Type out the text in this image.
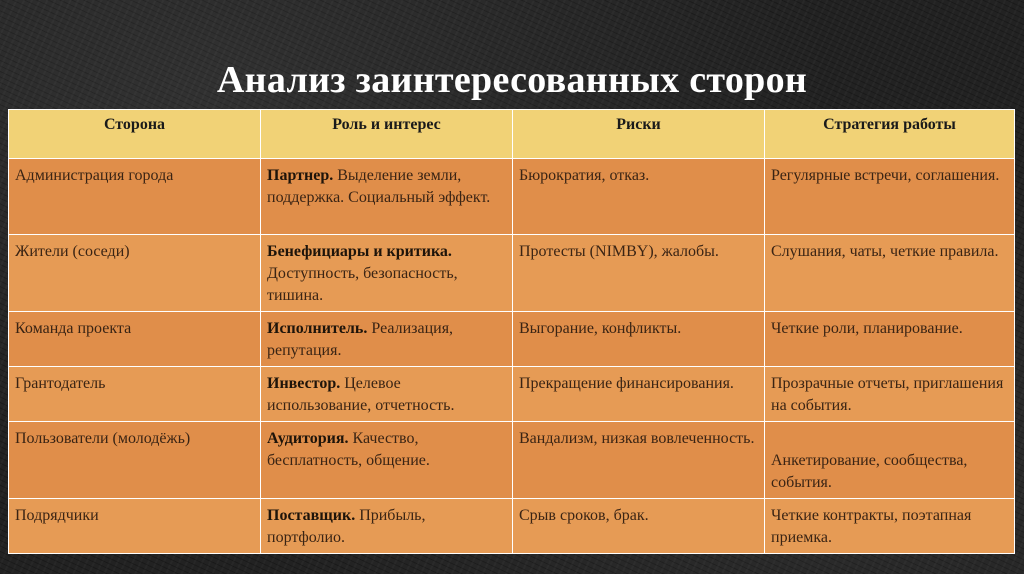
Анализ заинтересованных сторон
Сторона	Роль и интерес	Риски	Стратегия работы
Администрация города	Партнер. Выделение земли, поддержка. Социальный эффект.	Бюрократия, отказ.	Регулярные встречи, соглашения.
Жители (соседи)	Бенефициары и критика. Доступность, безопасность, тишина.	Протесты (NIMBY), жалобы.	Слушания, чаты, четкие правила.
Команда проекта	Исполнитель. Реализация, репутация.	Выгорание, конфликты.	Четкие роли, планирование.
Грантодатель	Инвестор. Целевое использование, отчетность.	Прекращение финансирования.	Прозрачные отчеты, приглашения на события.
Пользователи (молодёжь)	Аудитория. Качество, бесплатность, общение.	Вандализм, низкая вовлеченность.	Анкетирование, сообщества, события.

Подрядчики	Поставщик. Прибыль, портфолио.	Срыв сроков, брак.	Четкие контракты, поэтапная приемка.
